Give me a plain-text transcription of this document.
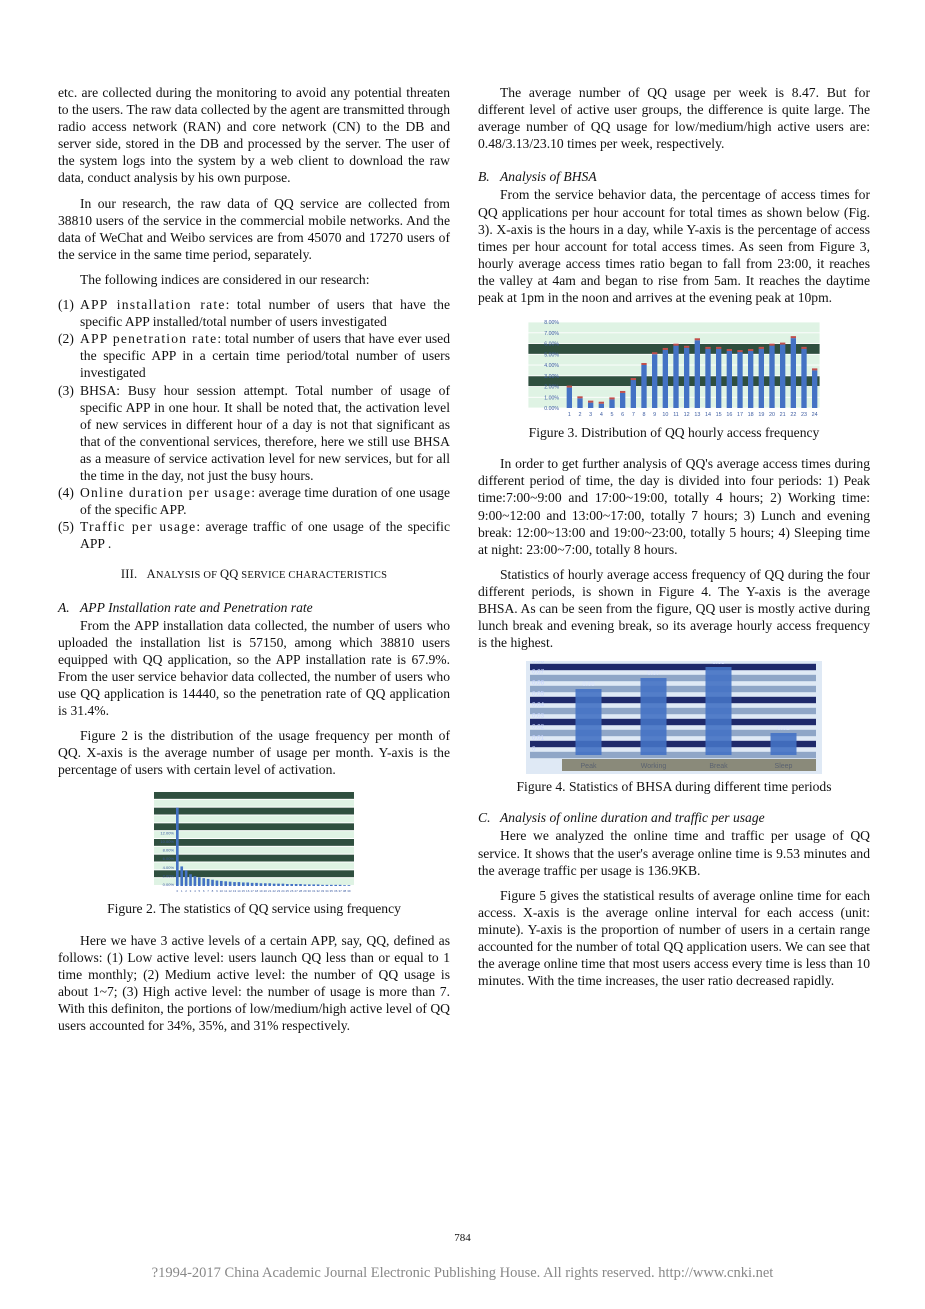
etc. are collected during the monitoring to avoid any potential threaten to the users. The raw data collected by the agent are transmitted through radio access network (RAN) and core network (CN) to the DB and server side, stored in the DB and processed by the server. The user of the system logs into the system by a web client to download the raw data, conduct analysis by his own purpose.

In our research, the raw data of QQ service are collected from 38810 users of the service in the commercial mobile networks. And the data of WeChat and Weibo services are from 45070 and 17270 users of the service in the same time period, separately.

The following indices are considered in our research:

(1) APP installation rate: total number of users that have the specific APP installed/total number of users investigated
(2) APP penetration rate: total number of users that have ever used the specific APP in a certain time period/total number of users investigated
(3) BHSA: Busy hour session attempt. Total number of usage of specific APP in one hour. It shall be noted that, the activation level of new services in different hour of a day is not that significant as that of the conventional services, therefore, here we still use BHSA as a measure of service activation level for new services, but for all the time in the day, not just the busy hours.
(4) Online duration per usage: average time duration of one usage of the specific APP.
(5) Traffic per usage: average traffic of one usage of the specific APP .
III. ANALYSIS OF QQ SERVICE CHARACTERISTICS
A. APP Installation rate and Penetration rate

From the APP installation data collected, the number of users who uploaded the installation list is 57150, among which 38810 users equipped with QQ application, so the APP installation rate is 67.9%. From the user service behavior data collected, the number of users who use QQ application is 14440, so the penetration rate of QQ application is 31.4%.

Figure 2 is the distribution of the usage frequency per month of QQ. X-axis is the average number of usage per month. Y-axis is the percentage of users with certain level of activation.

0.00%
2.00%
4.00%
6.00%
8.00%
10.00%
12.00%
0 1 2 3 4 5 6 7 8 9 10 11 12 13 14 15 16 17 18 19 20 21 22 23 24 25 26 27 28 29 30 31 32 33 34 35 36 37 38 39
Figure 2. The statistics of QQ service using frequency

Here we have 3 active levels of a certain APP, say, QQ, defined as follows: (1) Low active level: users launch QQ less than or equal to 1 time monthly; (2) Medium active level: the number of QQ usage is about 1~7; (3) High active level: the number of usage is more than 7. With this definiton, the portions of low/medium/high active level of QQ users accounted for 34%, 35%, and 31% respectively.

The average number of QQ usage per week is 8.47. But for different level of active user groups, the difference is quite large. The average number of QQ usage for low/medium/high active users are: 0.48/3.13/23.10 times per week, respectively.

B. Analysis of BHSA

From the service behavior data, the percentage of access times for QQ applications per hour account for total times as shown below (Fig. 3). X-axis is the hours in a day, while Y-axis is the percentage of access times per hour account for total access times. As seen from Figure 3, hourly average access times ratio began to fall from 23:00, it reaches the valley at 4am and began to rise from 5am. It reaches the daytime peak at 1pm in the noon and arrives at the evening peak at 10pm.

0.00%
1.00%
2.00%
3.00%
4.00%
5.00%
6.00%
7.00%
8.00%
1 2 3 4 5 6 7 8 9 10 11 12 13 14 15 16 17 18 19 20 21 22 23 24
Figure 3. Distribution of QQ hourly access frequency

In order to get further analysis of QQ's average access times during different period of time, the day is divided into four periods: 1) Peak time:7:00~9:00 and 17:00~19:00, totally 4 hours; 2) Working time: 9:00~12:00 and 13:00~17:00, totally 7 hours; 3) Lunch and evening break: 12:00~13:00 and 19:00~23:00, totally 5 hours; 4) Sleeping time at night: 23:00~7:00, totally 8 hours.

Statistics of hourly average access frequency of QQ during the four different periods, is shown in Figure 4. The Y-axis is the average BHSA. As can be seen from the figure, QQ user is mostly active during lunch break and evening break, so its average hourly access frequency is the highest.

0
0.01
0.02
0.03
0.04
0.05
0.06
0.07
0.08
0.06
0.07
0.08
0.02
Peak	Working	Break	Sleep
Figure 4. Statistics of BHSA during different time periods
C. Analysis of online duration and traffic per usage

Here we analyzed the online time and traffic per usage of QQ service. It shows that the user's average online time is 9.53 minutes and the average traffic per usage is 136.9KB.

Figure 5 gives the statistical results of average online time for each access. X-axis is the average online interval for each access (unit: minute). Y-axis is the proportion of number of users in a certain range accounted for the number of total QQ application users. We can see that the average online time that most users access every time is less than 10 minutes. With the time increases, the user ratio decreased rapidly.

784
?1994-2017 China Academic Journal Electronic Publishing House. All rights reserved. http://www.cnki.net
